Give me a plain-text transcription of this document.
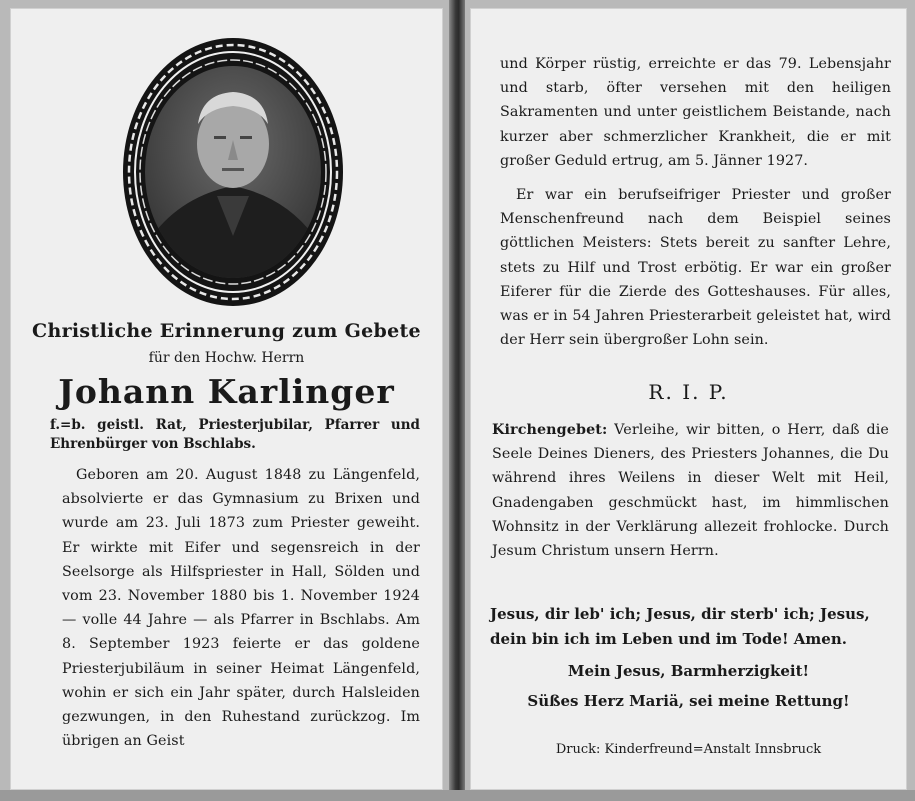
Christliche Erinnerung zum Gebete
für den Hochw. Herrn
Johann Karlinger
f.=b. geistl. Rat, Priesterjubilar, Pfarrer und Ehrenbürger von Bschlabs.
Geboren am 20. August 1848 zu Längenfeld, absolvierte er das Gymnasium zu Brixen und wurde am 23. Juli 1873 zum Priester geweiht. Er wirkte mit Eifer und segensreich in der Seelsorge als Hilfspriester in Hall, Sölden und vom 23. November 1880 bis 1. November 1924 — volle 44 Jahre — als Pfarrer in Bschlabs. Am 8. September 1923 feierte er das goldene Priesterjubiläum in seiner Heimat Längenfeld, wohin er sich ein Jahr später, durch Halsleiden gezwungen, in den Ruhestand zurückzog. Im übrigen an Geist
und Körper rüstig, erreichte er das 79. Lebensjahr und starb, öfter versehen mit den heiligen Sakramenten und unter geistlichem Beistande, nach kurzer aber schmerzlicher Krankheit, die er mit großer Geduld ertrug, am 5. Jänner 1927.
Er war ein berufseifriger Priester und großer Menschenfreund nach dem Beispiel seines göttlichen Meisters: Stets bereit zu sanfter Lehre, stets zu Hilf und Trost erbötig. Er war ein großer Eiferer für die Zierde des Gotteshauses. Für alles, was er in 54 Jahren Priesterarbeit geleistet hat, wird der Herr sein übergroßer Lohn sein.
R. I. P.
Kirchengebet: Verleihe, wir bitten, o Herr, daß die Seele Deines Dieners, des Priesters Johannes, die Du während ihres Weilens in dieser Welt mit Heil, Gnadengaben geschmückt hast, im himmlischen Wohnsitz in der Verklärung allezeit frohlocke. Durch Jesum Christum unsern Herrn.
Jesus, dir leb' ich; Jesus, dir sterb' ich; Jesus,
dein bin ich im Leben und im Tode! Amen.
Mein Jesus, Barmherzigkeit!
Süßes Herz Mariä, sei meine Rettung!
Druck: Kinderfreund=Anstalt Innsbruck
